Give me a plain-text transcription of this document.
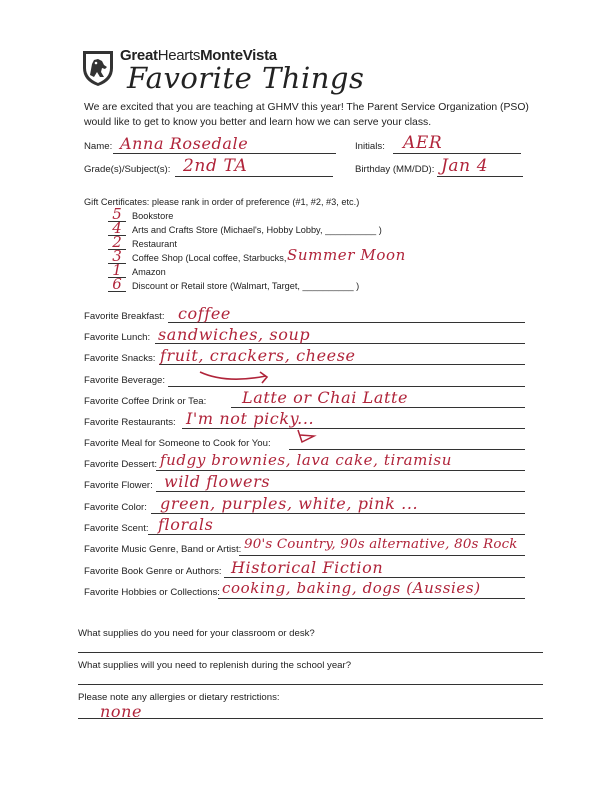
GreatHeartsMonteVista
Favorite Things
We are excited that you are teaching at GHMV this year! The Parent Service Organization (PSO) would like to get to know you better and learn how we can serve your class.
Name: Anna Rosedale	Initials: AER
Grade(s)/Subject(s): 2nd TA	Birthday (MM/DD): Jan 4
Gift Certificates: please rank in order of preference (#1, #2, #3, etc.)
5	Bookstore
4	Arts and Crafts Store (Michael's, Hobby Lobby, __________ )
2	Restaurant
3	Coffee Shop (Local coffee, Starbucks, Summer Moon
1	Amazon
6	Discount or Retail store (Walmart, Target, __________ )
Favorite Breakfast: coffee
Favorite Lunch: sandwiches, soup
Favorite Snacks: fruit, crackers, cheese
Favorite Beverage:
Favorite Coffee Drink or Tea: Latte or Chai Latte
Favorite Restaurants: I'm not picky...
Favorite Meal for Someone to Cook for You:
Favorite Dessert: fudgy brownies, lava cake, tiramisu
Favorite Flower: wild flowers
Favorite Color: green, purples, white, pink ...
Favorite Scent: florals
Favorite Music Genre, Band or Artist: 90's Country, 90s alternative, 80s Rock
Favorite Book Genre or Authors: Historical Fiction
Favorite Hobbies or Collections: cooking, baking, dogs (Aussies)
What supplies do you need for your classroom or desk?
What supplies will you need to replenish during the school year?
Please note any allergies or dietary restrictions:
none
